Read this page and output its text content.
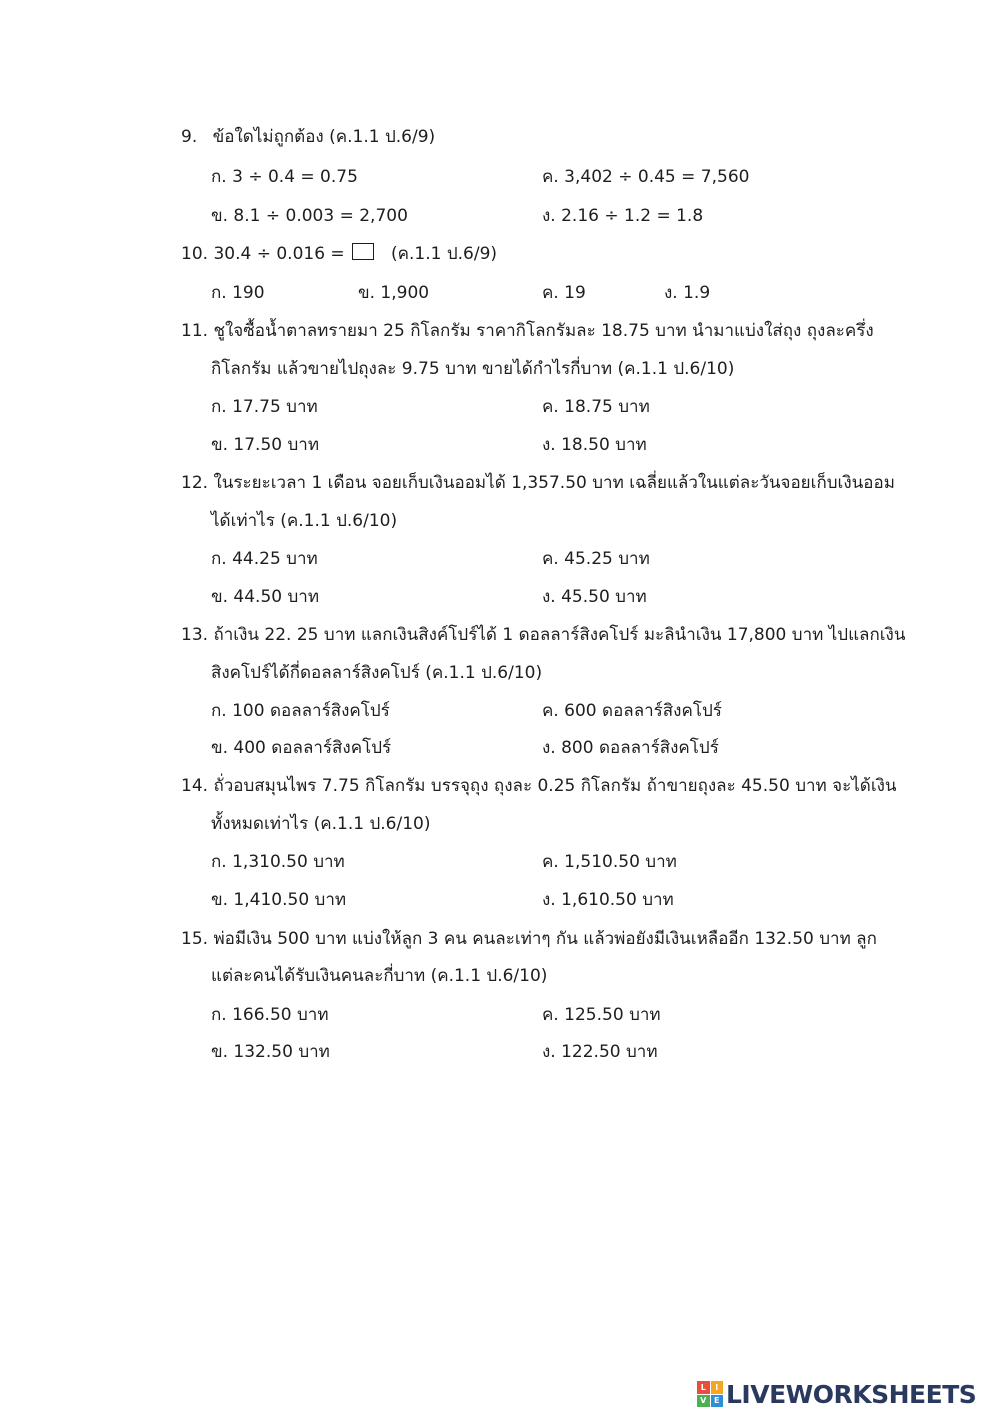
9. ข้อใดไม่ถูกต้อง (ค.1.1 ป.6/9)
ก. 3 ÷ 0.4 = 0.75	ค. 3,402 ÷ 0.45 = 7,560
ข. 8.1 ÷ 0.003 = 2,700	ง. 2.16 ÷ 1.2 = 1.8
10. 30.4 ÷ 0.016 =	(ค.1.1 ป.6/9)
ก. 190	ข. 1,900	ค. 19	ง. 1.9
11. ชูใจซื้อน้ำตาลทรายมา 25 กิโลกรัม ราคากิโลกรัมละ 18.75 บาท นำมาแบ่งใส่ถุง ถุงละครึ่ง
กิโลกรัม แล้วขายไปถุงละ 9.75 บาท ขายได้กำไรกี่บาท (ค.1.1 ป.6/10)
ก. 17.75 บาท	ค. 18.75 บาท
ข. 17.50 บาท	ง. 18.50 บาท
12. ในระยะเวลา 1 เดือน จอยเก็บเงินออมได้ 1,357.50 บาท เฉลี่ยแล้วในแต่ละวันจอยเก็บเงินออม
ได้เท่าไร (ค.1.1 ป.6/10)
ก. 44.25 บาท	ค. 45.25 บาท
ข. 44.50 บาท	ง. 45.50 บาท
13. ถ้าเงิน 22. 25 บาท แลกเงินสิงค์โปร์ได้ 1 ดอลลาร์สิงคโปร์ มะลินำเงิน 17,800 บาท ไปแลกเงิน
สิงคโปร์ได้กี่ดอลลาร์สิงคโปร์ (ค.1.1 ป.6/10)
ก. 100 ดอลลาร์สิงคโปร์	ค. 600 ดอลลาร์สิงคโปร์
ข. 400 ดอลลาร์สิงคโปร์	ง. 800 ดอลลาร์สิงคโปร์
14. ถั่วอบสมุนไพร 7.75 กิโลกรัม บรรจุถุง ถุงละ 0.25 กิโลกรัม ถ้าขายถุงละ 45.50 บาท จะได้เงิน
ทั้งหมดเท่าไร (ค.1.1 ป.6/10)
ก. 1,310.50 บาท	ค. 1,510.50 บาท
ข. 1,410.50 บาท	ง. 1,610.50 บาท
15. พ่อมีเงิน 500 บาท แบ่งให้ลูก 3 คน คนละเท่าๆ กัน แล้วพ่อยังมีเงินเหลืออีก 132.50 บาท ลูก
แต่ละคนได้รับเงินคนละกี่บาท (ค.1.1 ป.6/10)
ก. 166.50 บาท	ค. 125.50 บาท
ข. 132.50 บาท	ง. 122.50 บาท
L	I
V E LIVEWORKSHEETS
